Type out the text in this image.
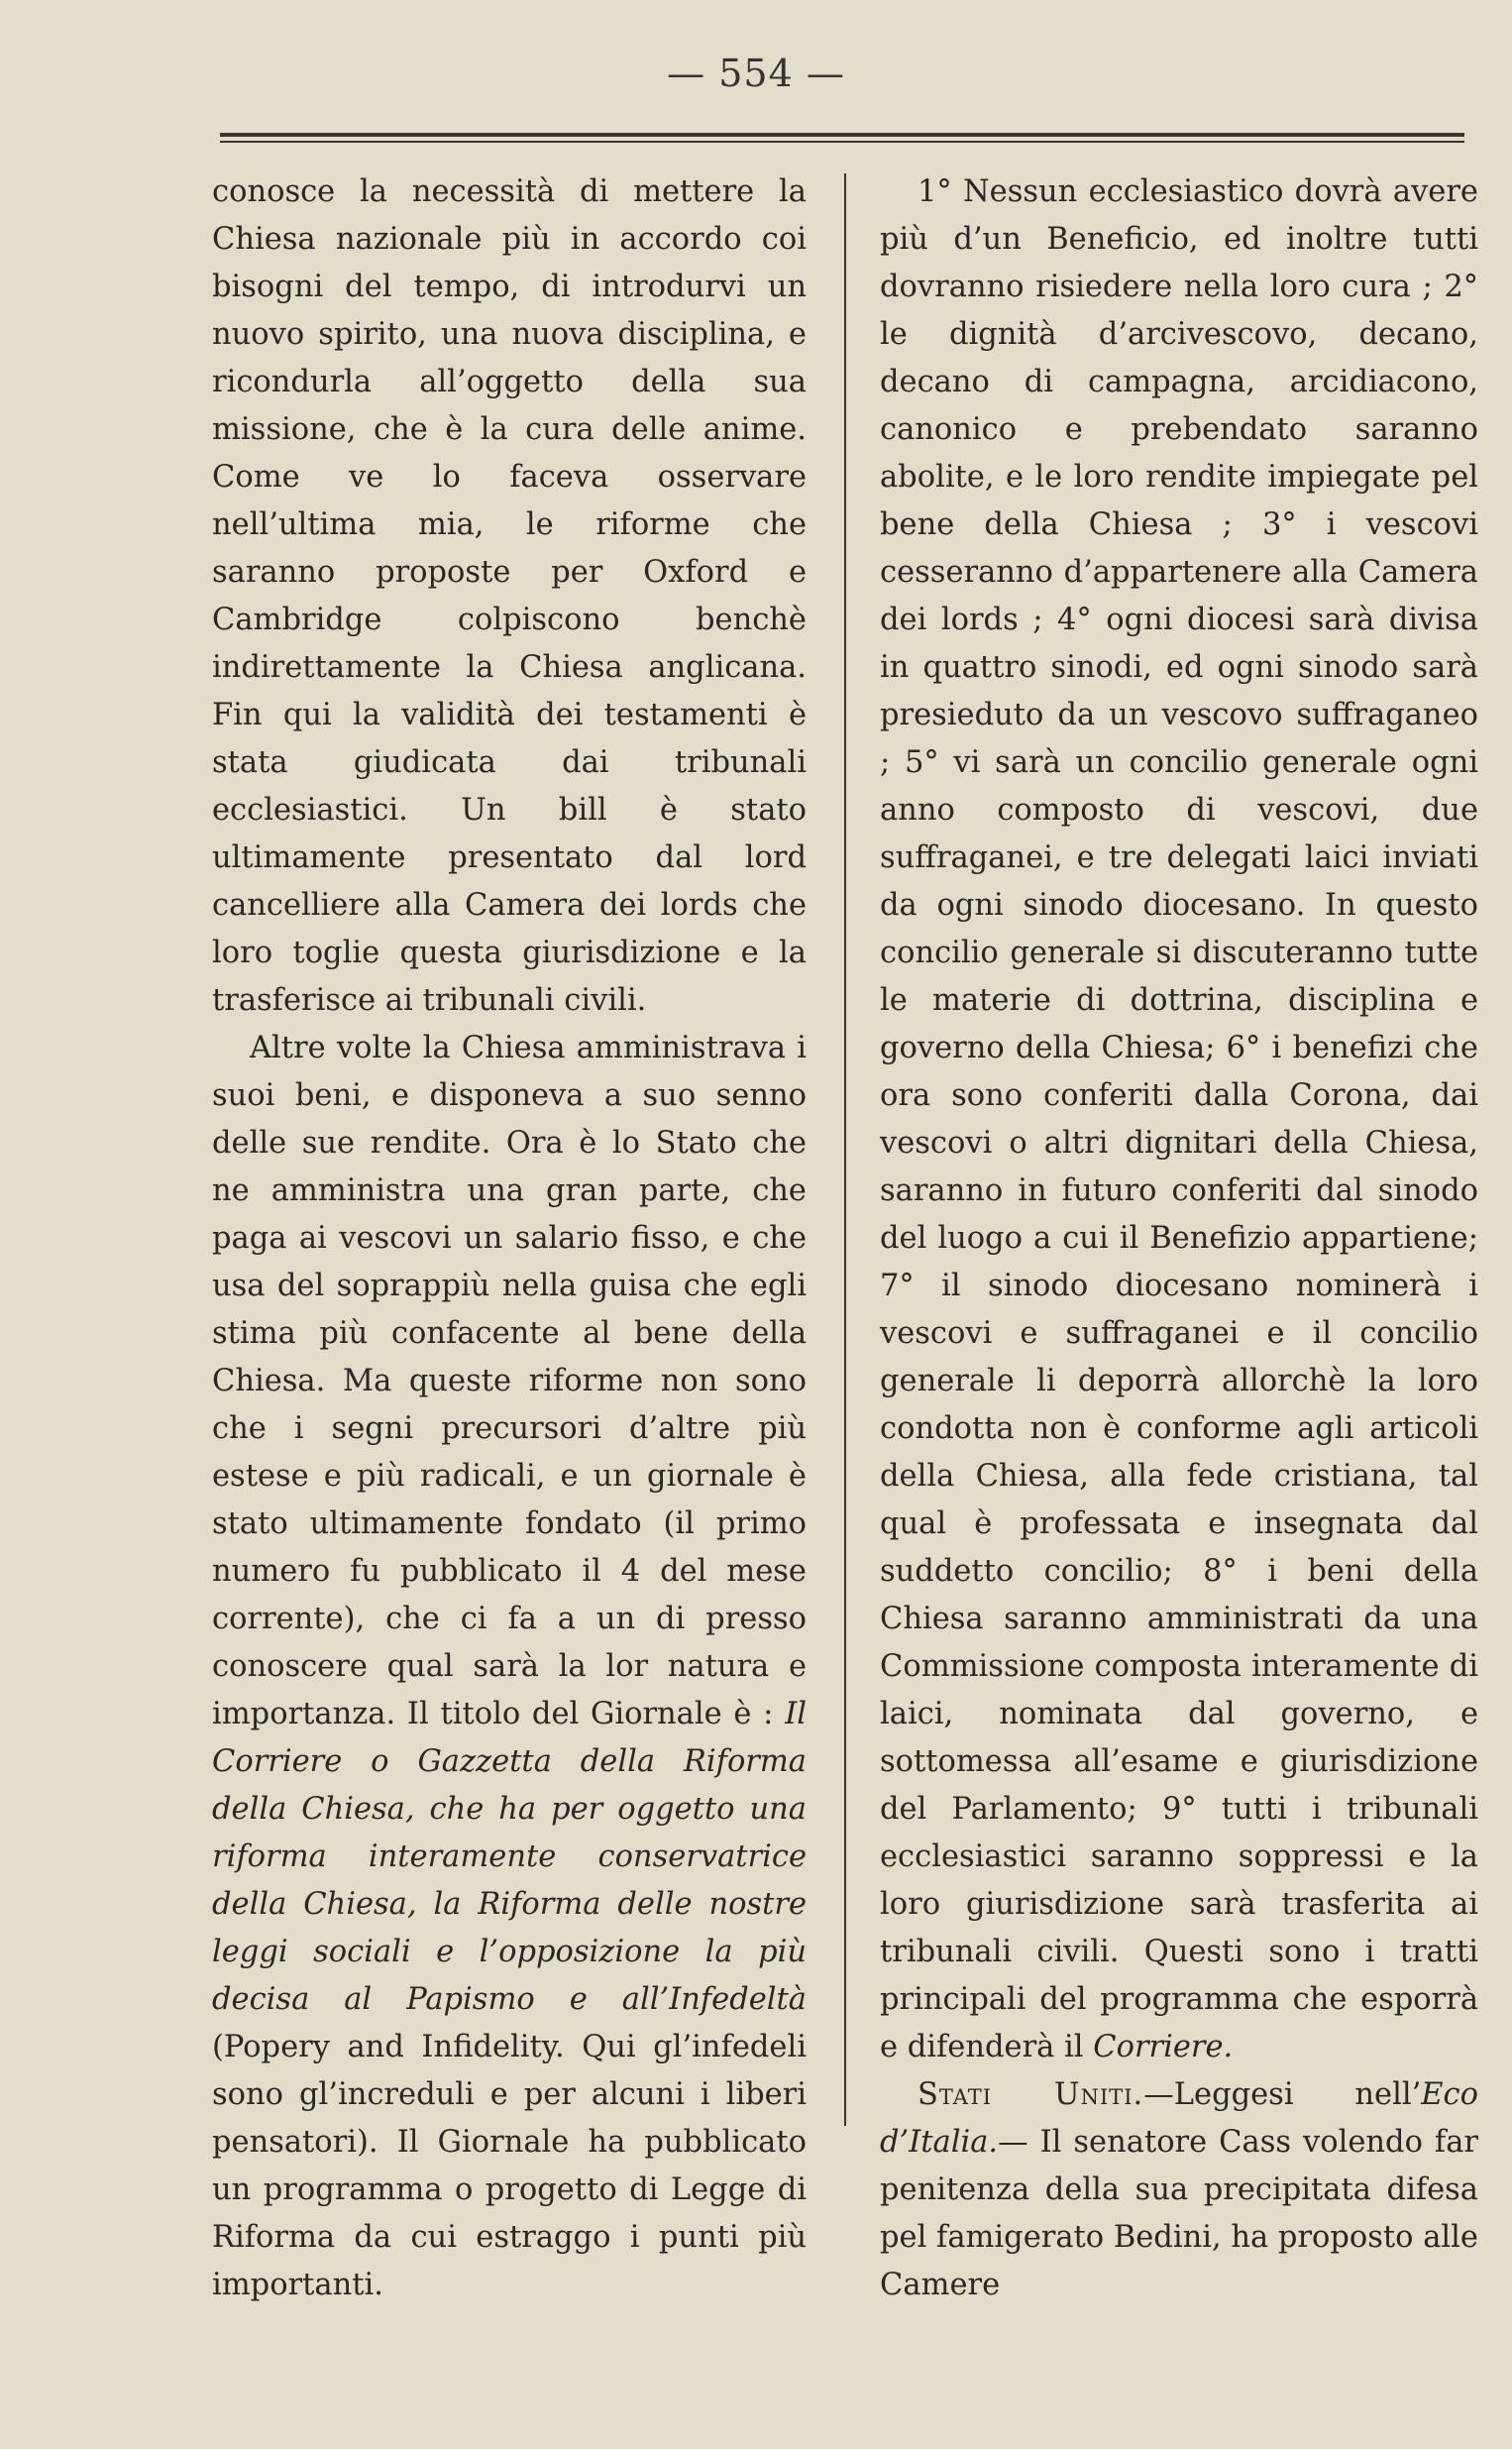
— 554 —

conosce la necessità di mettere la Chiesa nazionale più in accordo coi bisogni del tempo, di introdurvi un nuovo spirito, una nuova disciplina, e ricondurla all’oggetto della sua missione, che è la cura delle anime. Come ve lo faceva osservare nell’ultima mia, le riforme che saranno proposte per Oxford e Cambridge colpiscono benchè indirettamente la Chiesa anglicana. Fin qui la validità dei testamenti è stata giudicata dai tribunali ecclesiastici. Un bill è stato ultimamente presentato dal lord cancelliere alla Camera dei lords che loro toglie questa giurisdizione e la trasferisce ai tribunali civili.

Altre volte la Chiesa amministrava i suoi beni, e disponeva a suo senno delle sue rendite. Ora è lo Stato che ne amministra una gran parte, che paga ai vescovi un salario fisso, e che usa del soprappiù nella guisa che egli stima più confacente al bene della Chiesa. Ma queste riforme non sono che i segni precursori d’altre più estese e più radicali, e un giornale è stato ultimamente fondato (il primo numero fu pubblicato il 4 del mese corrente), che ci fa a un di presso conoscere qual sarà la lor natura e importanza. Il titolo del Giornale è : Il Corriere o Gazzetta della Riforma della Chiesa, che ha per oggetto una riforma interamente conservatrice della Chiesa, la Riforma delle nostre leggi sociali e l’opposizione la più decisa al Papismo e all’Infedeltà (Popery and Infidelity. Qui gl’infedeli sono gl’increduli e per alcuni i liberi pensatori). Il Giornale ha pubblicato un programma o progetto di Legge di Riforma da cui estraggo i punti più importanti.

1° Nessun ecclesiastico dovrà avere più d’un Beneficio, ed inoltre tutti dovranno risiedere nella loro cura ; 2° le dignità d’arcivescovo, decano, decano di campagna, arcidiacono, canonico e prebendato saranno abolite, e le loro rendite impiegate pel bene della Chiesa ; 3° i vescovi cesseranno d’appartenere alla Camera dei lords ; 4° ogni diocesi sarà divisa in quattro sinodi, ed ogni sinodo sarà presieduto da un vescovo suffraganeo ; 5° vi sarà un concilio generale ogni anno composto di vescovi, due suffraganei, e tre delegati laici inviati da ogni sinodo diocesano. In questo concilio generale si discuteranno tutte le materie di dottrina, disciplina e governo della Chiesa; 6° i benefizi che ora sono conferiti dalla Corona, dai vescovi o altri dignitari della Chiesa, saranno in futuro conferiti dal sinodo del luogo a cui il Benefizio appartiene; 7° il sinodo diocesano nominerà i vescovi e suffraganei e il concilio generale li deporrà allorchè la loro condotta non è conforme agli articoli della Chiesa, alla fede cristiana, tal qual è professata e insegnata dal suddetto concilio; 8° i beni della Chiesa saranno amministrati da una Commissione composta interamente di laici, nominata dal governo, e sottomessa all’esame e giurisdizione del Parlamento; 9° tutti i tribunali ecclesiastici saranno soppressi e la loro giurisdizione sarà trasferita ai tribunali civili. Questi sono i tratti principali del programma che esporrà e difenderà il Corriere.

Stati Uniti.—Leggesi nell’Eco d’Italia.— Il senatore Cass volendo far penitenza della sua precipitata difesa pel famigerato Bedini, ha proposto alle Camere
